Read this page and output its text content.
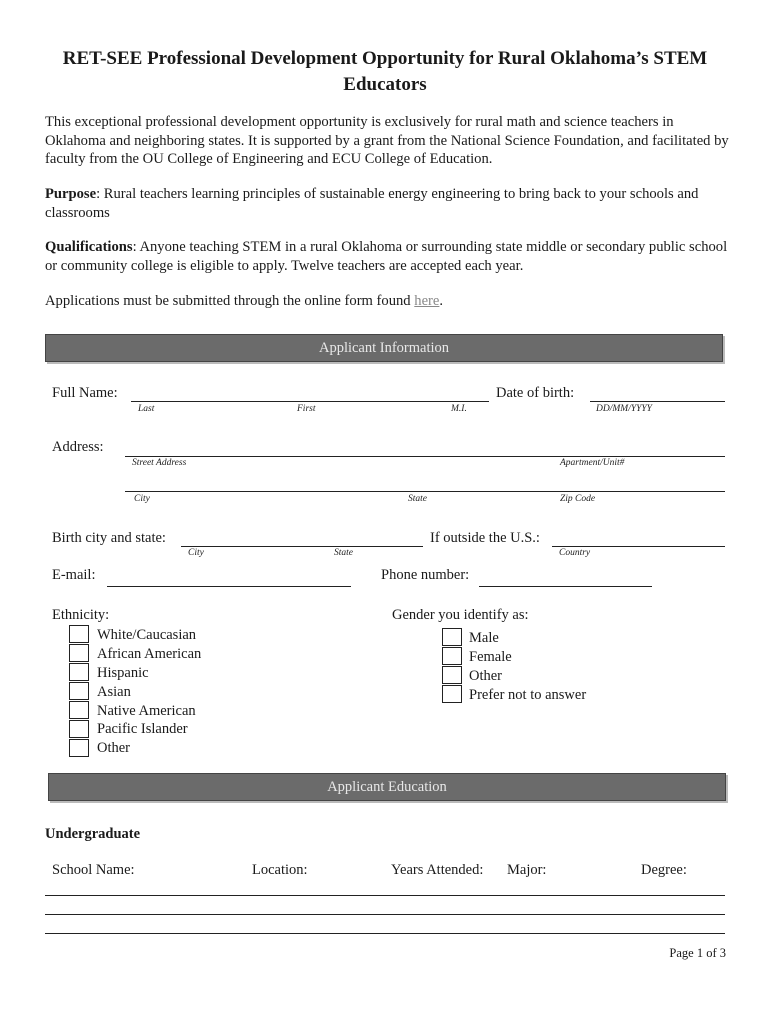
RET-SEE Professional Development Opportunity for Rural Oklahoma’s STEM Educators

This exceptional professional development opportunity is exclusively for rural math and science teachers in Oklahoma and neighboring states. It is supported by a grant from the National Science Foundation, and facilitated by faculty from the OU College of Engineering and ECU College of Education.

Purpose: Rural teachers learning principles of sustainable energy engineering to bring back to your schools and classrooms

Qualifications: Anyone teaching STEM in a rural Oklahoma or surrounding state middle or secondary public school or community college is eligible to apply. Twelve teachers are accepted each year.

Applications must be submitted through the online form found here.

Applicant Information
Full Name:
Last	First	M.I.
Date of birth:
DD/MM/YYYY
Address:
Street Address	Apartment/Unit#
City	State	Zip Code
Birth city and state:
City	State
If outside the U.S.:
Country
E-mail:	Phone number:
Ethnicity:
White/Caucasian
African American
Hispanic
Asian
Native American
Pacific Islander
Other
Gender you identify as:
Male
Female
Other
Prefer not to answer
Applicant Education
Undergraduate
School Name:	Location:	Years Attended: Major:	Degree:
Page 1 of 3
